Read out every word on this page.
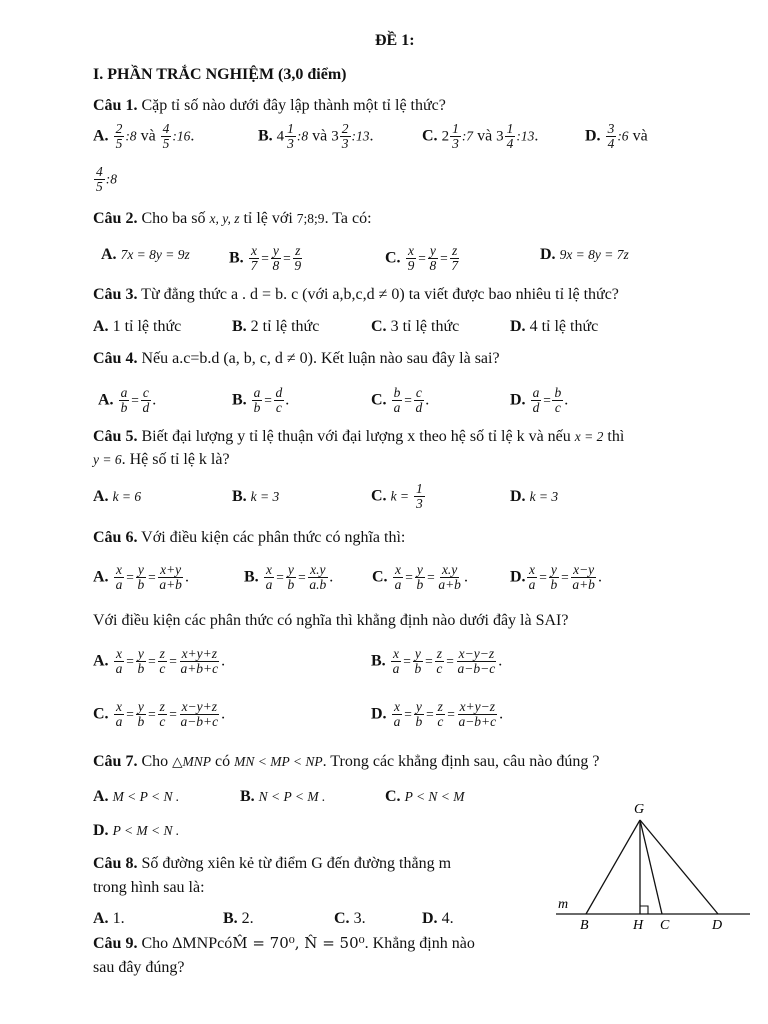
ĐỀ 1:
I. PHẦN TRẮC NGHIỆM (3,0 điểm)
Câu 1. Cặp tỉ số nào dưới đây lập thành một tỉ lệ thức?
A. $\frac{2}{5}$ :8 và $\frac{4}{5}$ :16.	B. $4 \frac{1}{3}$ :8 và $3 \frac{2}{3}$ :13.	C. $2 \frac{1}{3}$ :7 và $3 \frac{1}{4}$ :13.	D. $\frac{3}{4}$ :6 và
$\frac{4}{5}$ :8
Câu 2. Cho ba số x, y, z tỉ lệ với 7;8;9. Ta có:
A. 7x = 8y = 9z B. $\frac{x}{7} = \frac{y}{8} = \frac{z}{9}$	C. $\frac{x}{9} = \frac{y}{8} = \frac{z}{7}$	D. 9x = 8y = 7z
Câu 3. Từ đẳng thức a . d = b. c (với a,b,c,d ≠ 0) ta viết được bao nhiêu tỉ lệ thức?
A. 1 tỉ lệ thức	B. 2 tỉ lệ thức	C. 3 tỉ lệ thức	D. 4 tỉ lệ thức
Câu 4. Nếu a.c=b.d (a, b, c, d ≠ 0). Kết luận nào sau đây là sai?
A. $\frac{a}{b} = \frac{c}{d}$ .	B. $\frac{a}{b} = \frac{d}{c}$ .	C. $\frac{b}{a} = \frac{c}{d}$ .	D. $\frac{a}{d} = \frac{b}{c}$ .
Câu 5. Biết đại lượng y tỉ lệ thuận với đại lượng x theo hệ số tỉ lệ k và nếu x = 2 thì
y = 6. Hệ số tỉ lệ k là?
A. k = 6	B. k = 3	C. $k = \frac{1}{3}$	D. k = 3
Câu 6. Với điều kiện các phân thức có nghĩa thì:
A. $\frac{x}{a} = \frac{y}{b} = \frac{x+y}{a+b}$ .	B. $\frac{x}{a} = \frac{y}{b} = \frac{x.y}{a.b}$ . C. $\frac{x}{a} = \frac{y}{b} = \frac{x.y}{a+b}$ .	D. $\frac{x}{a} = \frac{y}{b} = \frac{x-y}{a+b}$ .
Với điều kiện các phân thức có nghĩa thì khẳng định nào dưới đây là SAI?
A. $\frac{x}{a} = \frac{y}{b} = \frac{z}{c} = \frac{x+y+z}{a+b+c}$ .	B. $\frac{x}{a} = \frac{y}{b} = \frac{z}{c} = \frac{x-y-z}{a-b-c}$ .
C. $\frac{x}{a} = \frac{y}{b} = \frac{z}{c} = \frac{x-y+z}{a-b+c}$ .	D. $\frac{x}{a} = \frac{y}{b} = \frac{z}{c} = \frac{x+y-z}{a-b+c}$ .
Câu 7. Cho △MNP có MN < MP < NP. Trong các khẳng định sau, câu nào đúng ?
A. M < P < N .	B. N < P < M .	C. P < N < M
D. P < M < N .
Câu 8. Số đường xiên kẻ từ điểm G đến đường thẳng m
trong hình sau là:
A. 1.	B. 2.	C. 3.	D. 4.
Câu 9. Cho ΔMNPcóM̂ = 70⁰, N̂ = 50⁰. Khẳng định nào
sau đây đúng?
G
m
B	H C	D
